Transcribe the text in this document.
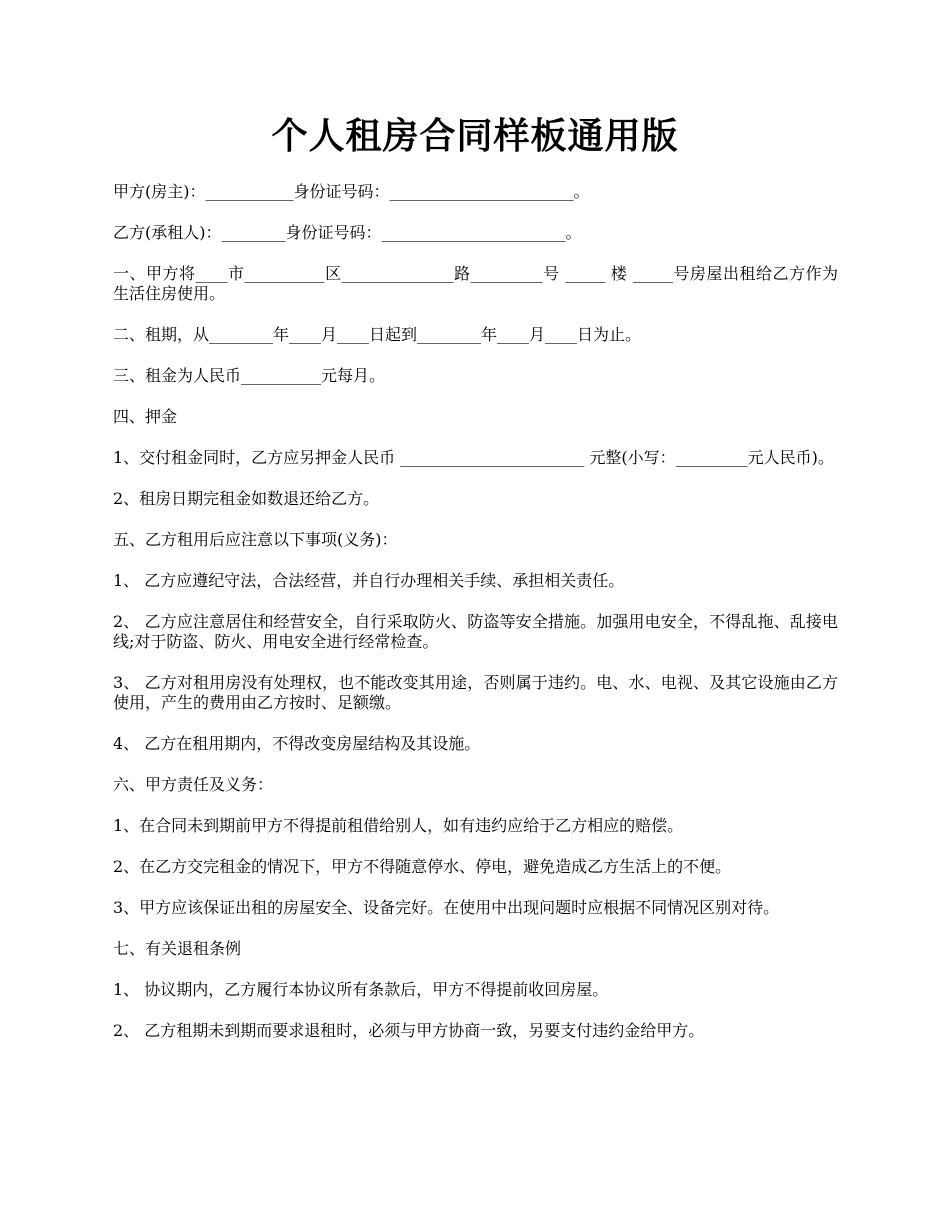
个人租房合同样板通用版

甲方(房主)：___________身份证号码：_______________________。

乙方(承租人)：________身份证号码：_______________________。

一、甲方将____市__________区______________路_________号 _____ 楼 _____号房屋出租给乙方作为生活住房使用。

二、租期，从________年____月____日起到________年____月____日为止。

三、租金为人民币__________元每月。

四、押金

1、交付租金同时，乙方应另押金人民币 _______________________ 元整(小写：_________元人民币)。

2、租房日期完租金如数退还给乙方。

五、乙方租用后应注意以下事项(义务)：

1、 乙方应遵纪守法，合法经营，并自行办理相关手续、承担相关责任。

2、 乙方应注意居住和经营安全，自行采取防火、防盗等安全措施。加强用电安全，不得乱拖、乱接电线;对于防盗、防火、用电安全进行经常检查。

3、 乙方对租用房没有处理权，也不能改变其用途，否则属于违约。电、水、电视、及其它设施由乙方使用，产生的费用由乙方按时、足额缴。

4、 乙方在租用期内，不得改变房屋结构及其设施。

六、甲方责任及义务：

1、在合同未到期前甲方不得提前租借给别人，如有违约应给于乙方相应的赔偿。

2、在乙方交完租金的情况下，甲方不得随意停水、停电，避免造成乙方生活上的不便。

3、甲方应该保证出租的房屋安全、设备完好。在使用中出现问题时应根据不同情况区别对待。

七、有关退租条例

1、 协议期内，乙方履行本协议所有条款后，甲方不得提前收回房屋。

2、 乙方租期未到期而要求退租时，必须与甲方协商一致，另要支付违约金给甲方。
